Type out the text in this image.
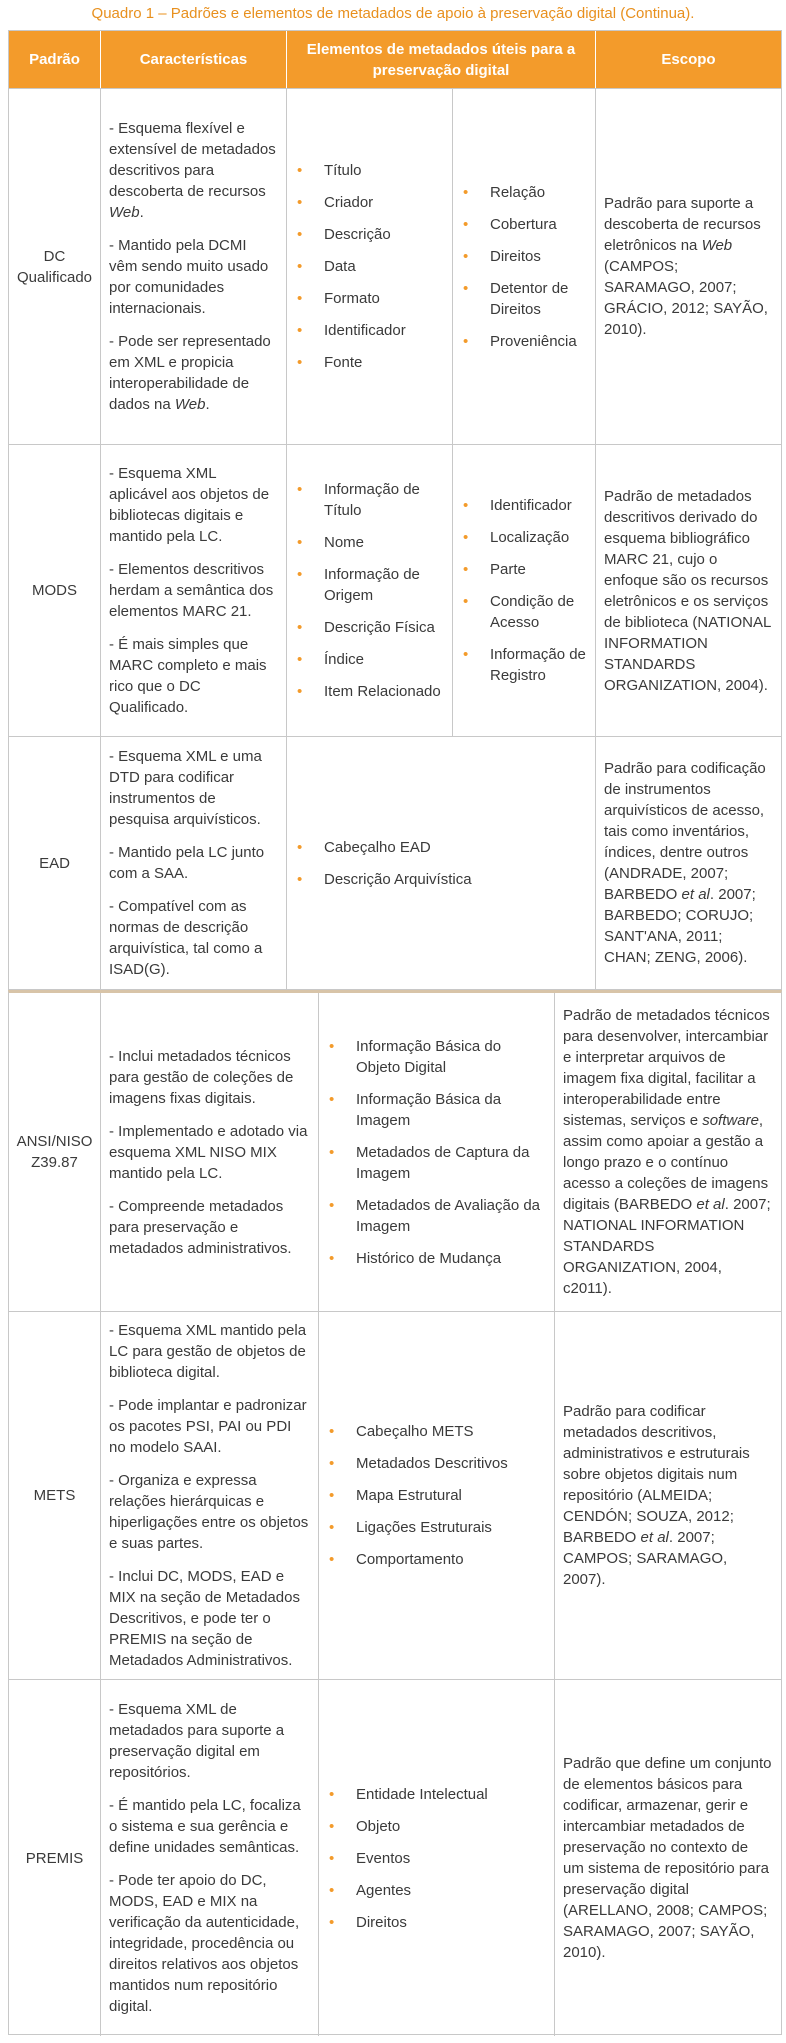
Quadro 1 – Padrões e elementos de metadados de apoio à preservação digital (Continua).
Padrão	Características
Elementos de metadados úteis para a
preservação digital
Escopo
DC
Qualificado

- Esquema flexível e extensível de metadados descritivos para descoberta de recursos Web.

- Mantido pela DCMI vêm sendo muito usado por comunidades internacionais.

- Pode ser representado em XML e propicia interoperabilidade de dados na Web.

• Título
• Criador
• Descrição
• Data
• Formato
• Identificador
• Fonte
• Relação
• Cobertura
• Direitos
• Detentor de Direitos
• Proveniência
Padrão para suporte a descoberta de recursos eletrônicos na Web (CAMPOS; SARAMAGO, 2007; GRÁCIO, 2012; SAYÃO, 2010).
MODS

- Esquema XML aplicável aos objetos de bibliotecas digitais e mantido pela LC.

- Elementos descritivos herdam a semântica dos elementos MARC 21.

- É mais simples que MARC completo e mais rico que o DC Qualificado.

• Informação de Título
• Nome
• Informação de Origem
• Descrição Física
• Índice
• Item Relacionado
• Identificador
• Localização
• Parte
• Condição de Acesso
• Informação de Registro
Padrão de metadados descritivos derivado do esquema bibliográfico MARC 21, cujo o enfoque são os recursos eletrônicos e os serviços de biblioteca (NATIONAL INFORMATION STANDARDS ORGANIZATION, 2004).
EAD

- Esquema XML e uma DTD para codificar instrumentos de pesquisa arquivísticos.

- Mantido pela LC junto com a SAA.

- Compatível com as normas de descrição arquivística, tal como a ISAD(G).

• Cabeçalho EAD
• Descrição Arquivística
Padrão para codificação de instrumentos arquivísticos de acesso, tais como inventários, índices, dentre outros (ANDRADE, 2007; BARBEDO et al. 2007; BARBEDO; CORUJO; SANT'ANA, 2011; CHAN; ZENG, 2006).
ANSI/NISO
Z39.87

- Inclui metadados técnicos para gestão de coleções de imagens fixas digitais.

- Implementado e adotado via esquema XML NISO MIX mantido pela LC.

- Compreende metadados para preservação e metadados administrativos.

• Informação Básica do Objeto Digital
• Informação Básica da Imagem
• Metadados de Captura da Imagem
• Metadados de Avaliação da Imagem
• Histórico de Mudança
Padrão de metadados técnicos para desenvolver, intercambiar e interpretar arquivos de imagem fixa digital, facilitar a interoperabilidade entre sistemas, serviços e software, assim como apoiar a gestão a longo prazo e o contínuo acesso a coleções de imagens digitais (BARBEDO et al. 2007; NATIONAL INFORMATION STANDARDS ORGANIZATION, 2004, c2011).
METS

- Esquema XML mantido pela LC para gestão de objetos de biblioteca digital.

- Pode implantar e padronizar os pacotes PSI, PAI ou PDI no modelo SAAI.

- Organiza e expressa relações hierárquicas e hiperligações entre os objetos e suas partes.

- Inclui DC, MODS, EAD e MIX na seção de Metadados Descritivos, e pode ter o PREMIS na seção de Metadados Administrativos.

• Cabeçalho METS
• Metadados Descritivos
• Mapa Estrutural
• Ligações Estruturais
• Comportamento
Padrão para codificar metadados descritivos, administrativos e estruturais sobre objetos digitais num repositório (ALMEIDA; CENDÓN; SOUZA, 2012; BARBEDO et al. 2007; CAMPOS; SARAMAGO, 2007).
PREMIS

- Esquema XML de metadados para suporte a preservação digital em repositórios.

- É mantido pela LC, focaliza o sistema e sua gerência e define unidades semânticas.

- Pode ter apoio do DC, MODS, EAD e MIX na verificação da autenticidade, integridade, procedência ou direitos relativos aos objetos mantidos num repositório digital.

• Entidade Intelectual
• Objeto
• Eventos
• Agentes
• Direitos
Padrão que define um conjunto de elementos básicos para codificar, armazenar, gerir e intercambiar metadados de preservação no contexto de um sistema de repositório para preservação digital (ARELLANO, 2008; CAMPOS; SARAMAGO, 2007; SAYÃO, 2010).
